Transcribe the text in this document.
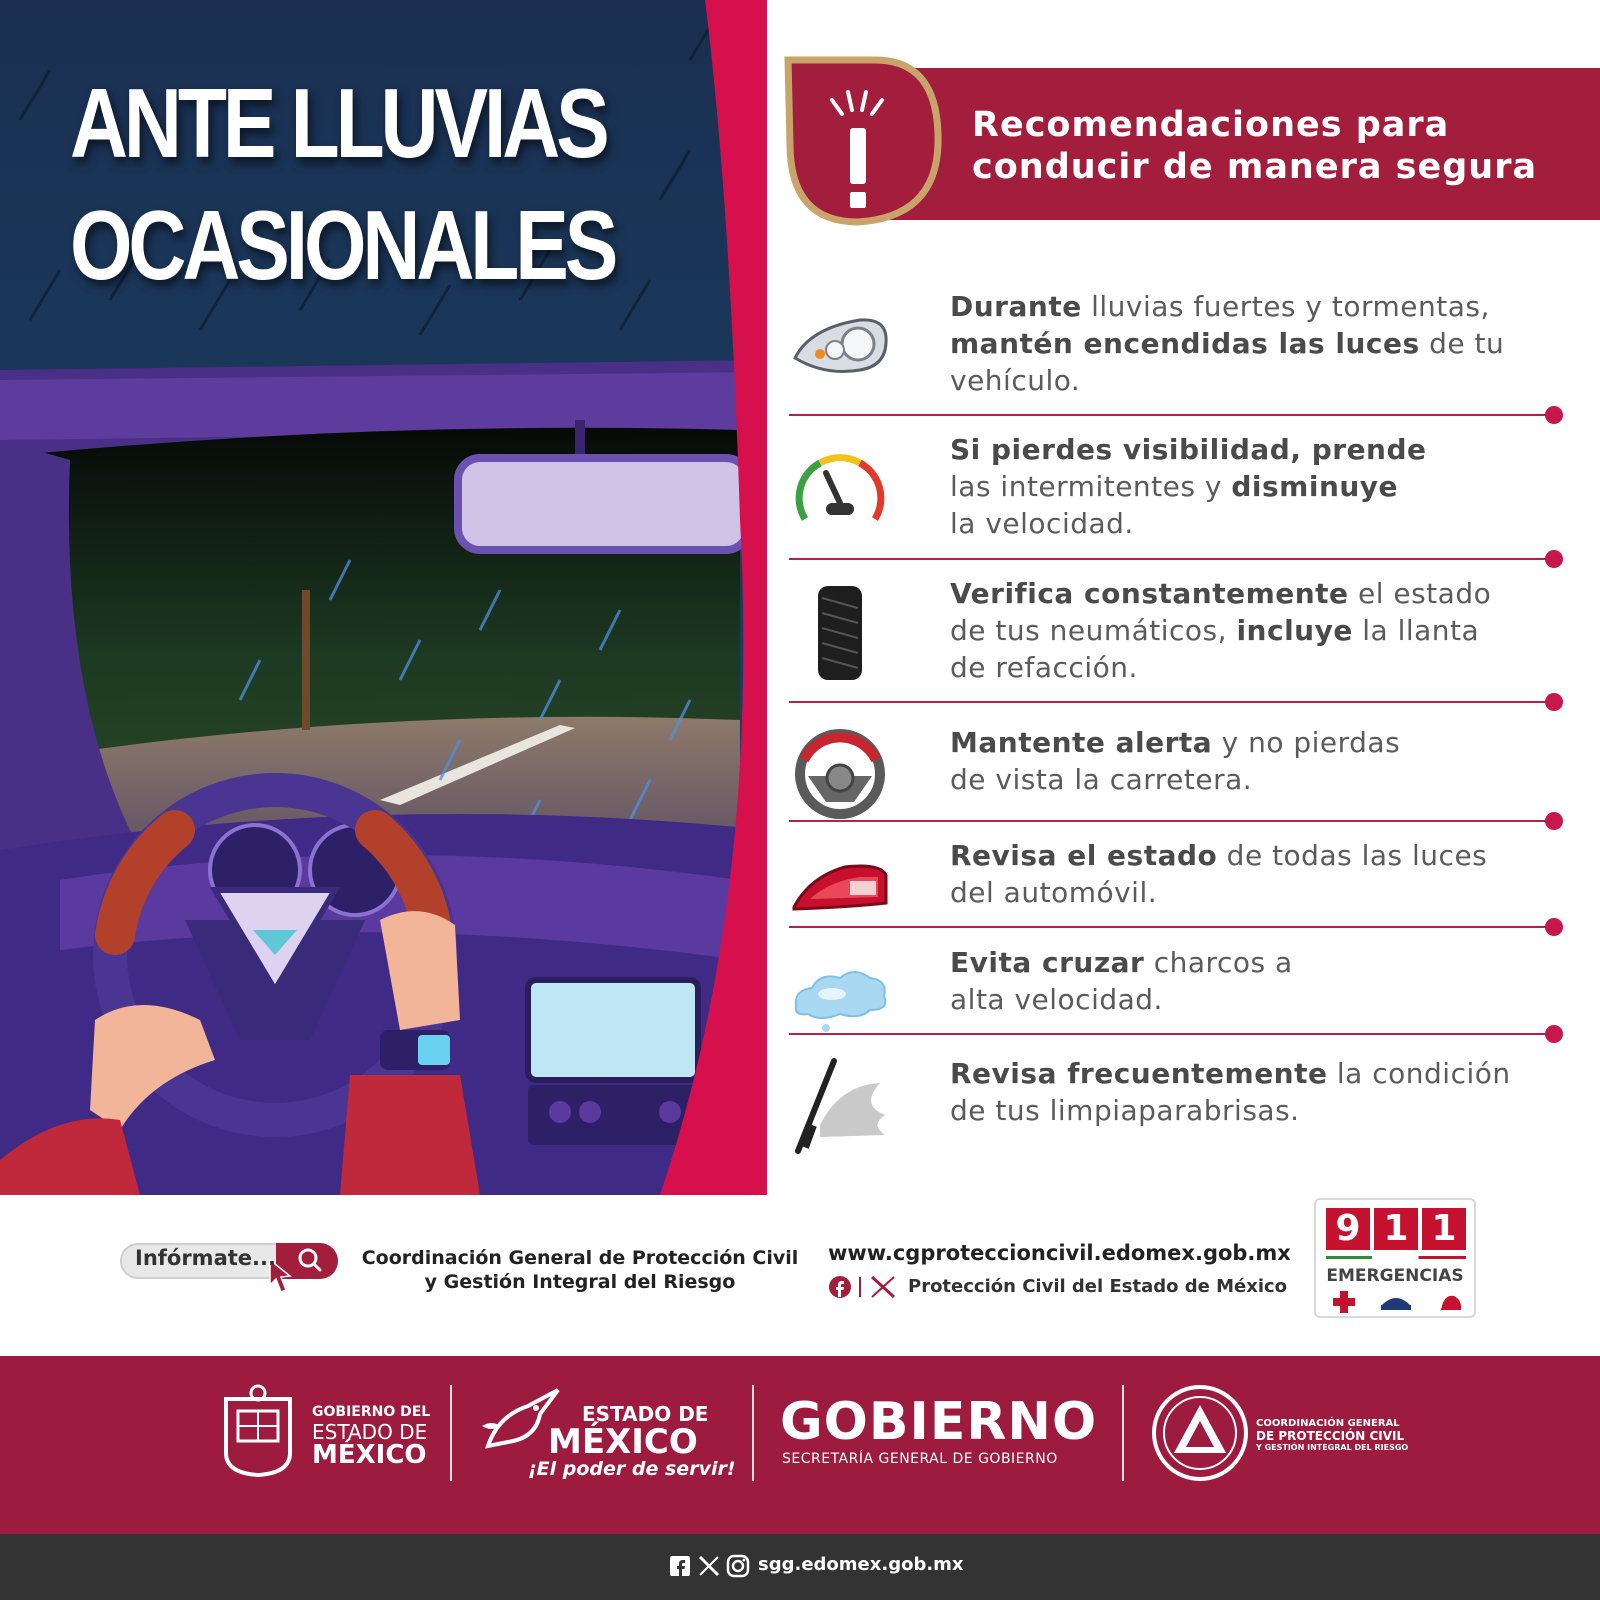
ANTE LLUVIAS
OCASIONALES
Recomendaciones para
conducir de manera segura
Durante lluvias fuertes y tormentas,
mantén encendidas las luces de tu
vehículo.
Si pierdes visibilidad, prende
las intermitentes y disminuye
la velocidad.
Verifica constantemente el estado
de tus neumáticos, incluye la llanta
de refacción.
Mantente alerta y no pierdas
de vista la carretera.
Revisa el estado de todas las luces
del automóvil.
Evita cruzar charcos a
alta velocidad.
Revisa frecuentemente la condición
de tus limpiaparabrisas.
Infórmate...	Coordinación General de Protección Civil
y Gestión Integral del Riesgo
www.cgproteccioncivil.edomex.gob.mx
Protección Civil del Estado de México
9 1 1
EMERGENCIAS
GOBIERNO DEL
ESTADO DE
MÉXICO
ESTADO DE
MÉXICO
¡El poder de servir!
GOBIERNO
SECRETARÍA GENERAL DE GOBIERNO
COORDINACIÓN GENERAL
DE PROTECCIÓN CIVIL
Y GESTIÓN INTEGRAL DEL RIESGO
sgg.edomex.gob.mx
